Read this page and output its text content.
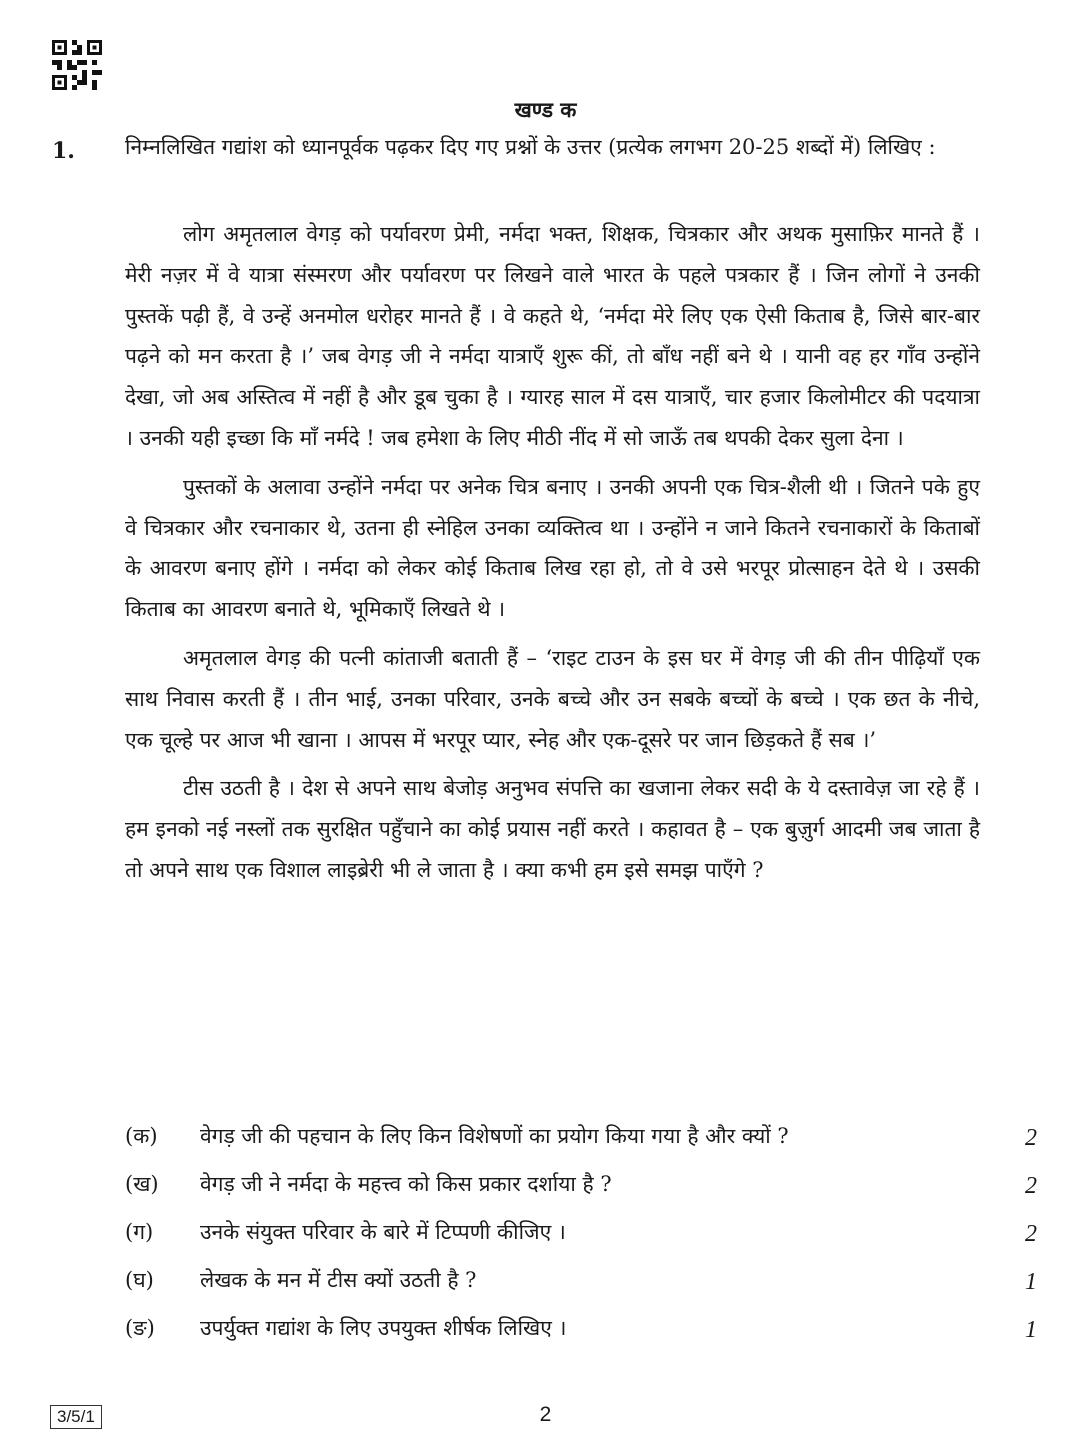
खण्ड क
1. निम्नलिखित गद्यांश को ध्यानपूर्वक पढ़कर दिए गए प्रश्नों के उत्तर (प्रत्येक लगभग 20-25 शब्दों में) लिखिए :

लोग अमृतलाल वेगड़ को पर्यावरण प्रेमी, नर्मदा भक्त, शिक्षक, चित्रकार और अथक मुसाफ़िर मानते हैं । मेरी नज़र में वे यात्रा संस्मरण और पर्यावरण पर लिखने वाले भारत के पहले पत्रकार हैं । जिन लोगों ने उनकी पुस्तकें पढ़ी हैं, वे उन्हें अनमोल धरोहर मानते हैं । वे कहते थे, ‘नर्मदा मेरे लिए एक ऐसी किताब है, जिसे बार-बार पढ़ने को मन करता है ।’ जब वेगड़ जी ने नर्मदा यात्राएँ शुरू कीं, तो बाँध नहीं बने थे । यानी वह हर गाँव उन्होंने देखा, जो अब अस्तित्व में नहीं है और डूब चुका है । ग्यारह साल में दस यात्राएँ, चार हजार किलोमीटर की पदयात्रा । उनकी यही इच्छा कि माँ नर्मदे ! जब हमेशा के लिए मीठी नींद में सो जाऊँ तब थपकी देकर सुला देना ।

पुस्तकों के अलावा उन्होंने नर्मदा पर अनेक चित्र बनाए । उनकी अपनी एक चित्र-शैली थी । जितने पके हुए वे चित्रकार और रचनाकार थे, उतना ही स्नेहिल उनका व्यक्तित्व था । उन्होंने न जाने कितने रचनाकारों के किताबों के आवरण बनाए होंगे । नर्मदा को लेकर कोई किताब लिख रहा हो, तो वे उसे भरपूर प्रोत्साहन देते थे । उसकी किताब का आवरण बनाते थे, भूमिकाएँ लिखते थे ।

अमृतलाल वेगड़ की पत्नी कांताजी बताती हैं – ‘राइट टाउन के इस घर में वेगड़ जी की तीन पीढ़ियाँ एक साथ निवास करती हैं । तीन भाई, उनका परिवार, उनके बच्चे और उन सबके बच्चों के बच्चे । एक छत के नीचे, एक चूल्हे पर आज भी खाना । आपस में भरपूर प्यार, स्नेह और एक-दूसरे पर जान छिड़कते हैं सब ।’

टीस उठती है । देश से अपने साथ बेजोड़ अनुभव संपत्ति का खजाना लेकर सदी के ये दस्तावेज़ जा रहे हैं । हम इनको नई नस्लों तक सुरक्षित पहुँचाने का कोई प्रयास नहीं करते । कहावत है – एक बुज़ुर्ग आदमी जब जाता है तो अपने साथ एक विशाल लाइब्रेरी भी ले जाता है । क्या कभी हम इसे समझ पाएँगे ?

(क) वेगड़ जी की पहचान के लिए किन विशेषणों का प्रयोग किया गया है और क्यों ?	2
(ख) वेगड़ जी ने नर्मदा के महत्त्व को किस प्रकार दर्शाया है ?	2
(ग) उनके संयुक्त परिवार के बारे में टिप्पणी कीजिए ।	2
(घ) लेखक के मन में टीस क्यों उठती है ?	1
(ङ) उपर्युक्त गद्यांश के लिए उपयुक्त शीर्षक लिखिए ।	1
3/5/1	2
